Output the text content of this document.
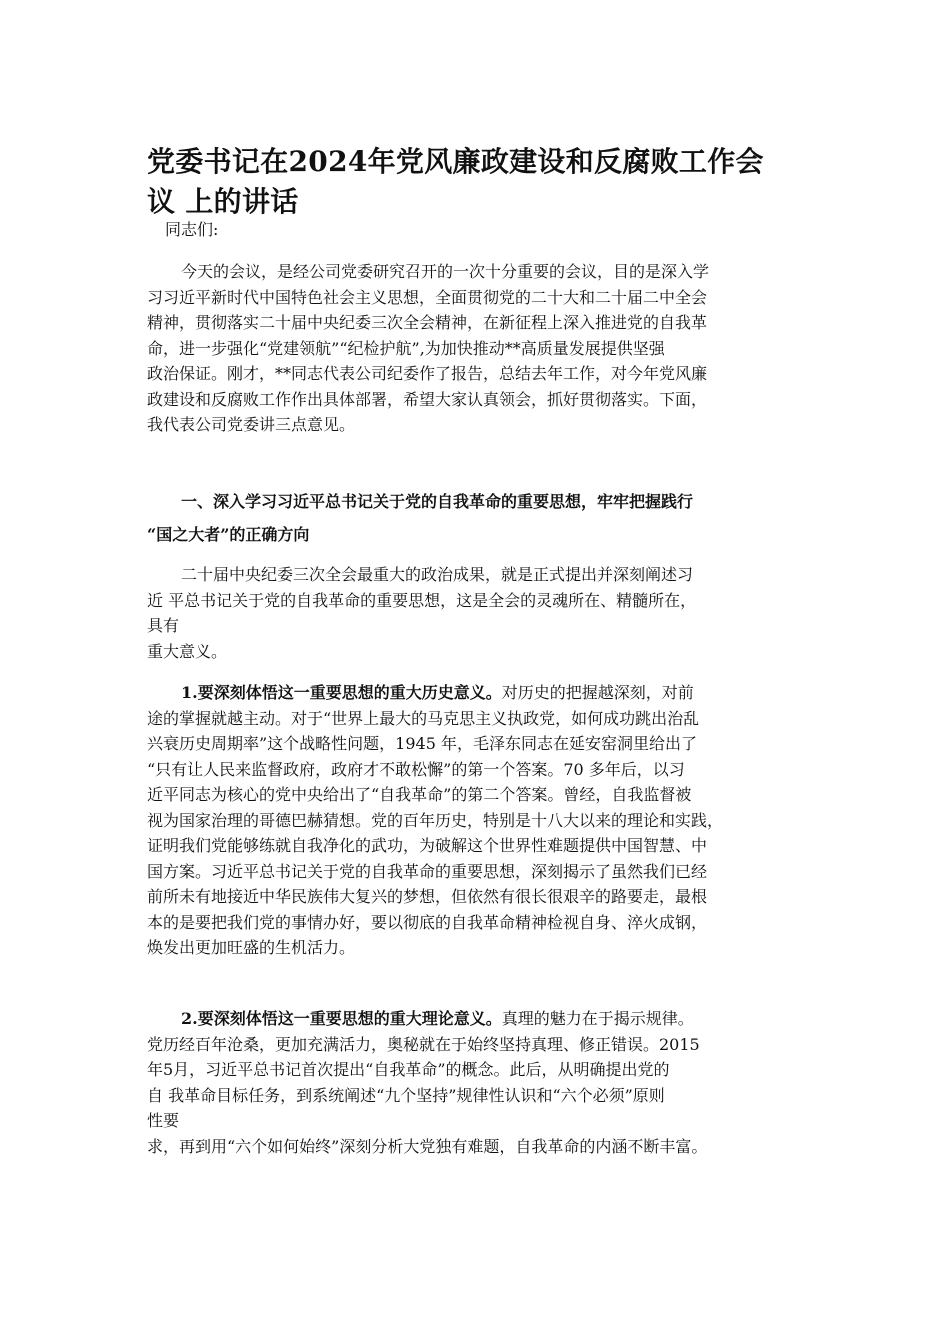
党委书记在2024年党风廉政建设和反腐败工作会
议 上的讲话

同志们:

今天的会议，是经公司党委研究召开的一次十分重要的会议，目的是深入学
习习近平新时代中国特色社会主义思想，全面贯彻党的二十大和二十届二中全会
精神，贯彻落实二十届中央纪委三次全会精神，在新征程上深入推进党的自我革
命，进一步强化“党建领航”“纪检护航”,为加快推动**高质量发展提供坚强
政治保证。刚才，**同志代表公司纪委作了报告，总结去年工作，对今年党风廉
政建设和反腐败工作作出具体部署，希望大家认真领会，抓好贯彻落实。下面，
我代表公司党委讲三点意见。

一、深入学习习近平总书记关于党的自我革命的重要思想，牢牢把握践行
“国之大者”的正确方向

二十届中央纪委三次全会最重大的政治成果，就是正式提出并深刻阐述习
近 平总书记关于党的自我革命的重要思想，这是全会的灵魂所在、精髓所在，
具有
重大意义。

1.要深刻体悟这一重要思想的重大历史意义。对历史的把握越深刻，对前
途的掌握就越主动。对于“世界上最大的马克思主义执政党，如何成功跳出治乱
兴衰历史周期率”这个战略性问题，1945 年，毛泽东同志在延安窑洞里给出了
“只有让人民来监督政府，政府才不敢松懈”的第一个答案。70 多年后，以习
近平同志为核心的党中央给出了“自我革命”的第二个答案。曾经，自我监督被
视为国家治理的哥德巴赫猜想。党的百年历史，特别是十八大以来的理论和实践，
证明我们党能够练就自我净化的武功，为破解这个世界性难题提供中国智慧、中
国方案。习近平总书记关于党的自我革命的重要思想，深刻揭示了虽然我们已经
前所未有地接近中华民族伟大复兴的梦想，但依然有很长很艰辛的路要走，最根
本的是要把我们党的事情办好，要以彻底的自我革命精神检视自身、淬火成钢，
焕发出更加旺盛的生机活力。

2.要深刻体悟这一重要思想的重大理论意义。真理的魅力在于揭示规律。
党历经百年沧桑，更加充满活力，奥秘就在于始终坚持真理、修正错误。2015
年5月，习近平总书记首次提出“自我革命”的概念。此后，从明确提出党的
自 我革命目标任务，到系统阐述“九个坚持”规律性认识和“六个必须”原则
性要
求，再到用“六个如何始终”深刻分析大党独有难题，自我革命的内涵不断丰富。
